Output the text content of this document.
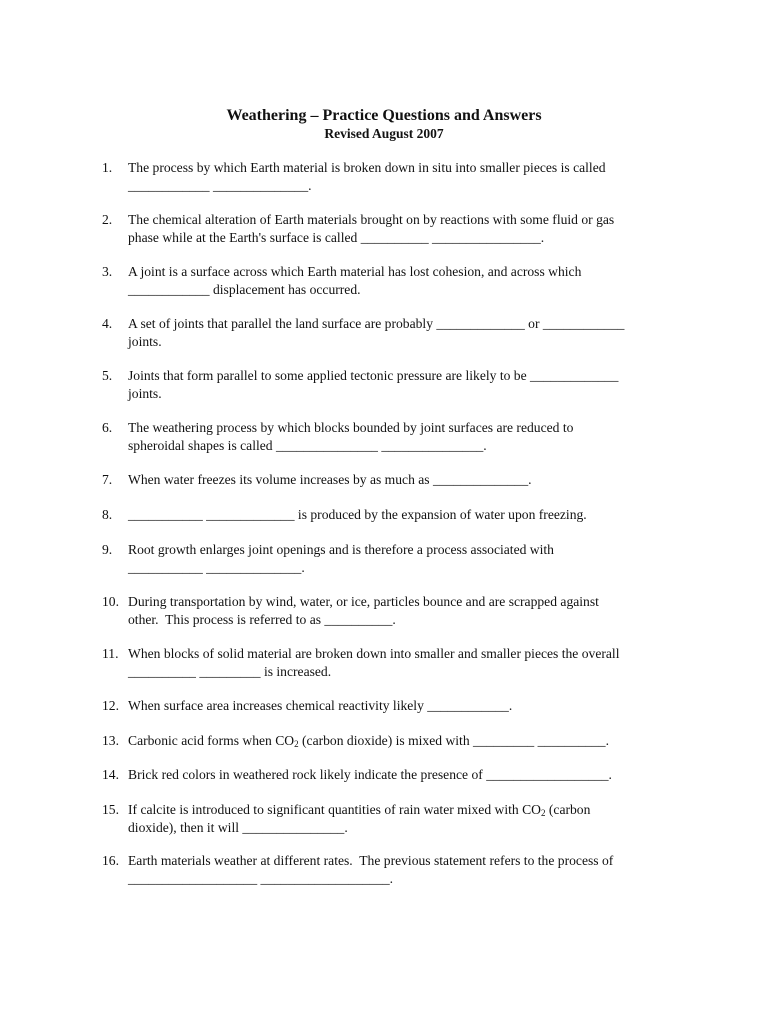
Weathering – Practice Questions and Answers
Revised August 2007
1. The process by which Earth material is broken down in situ into smaller pieces is called
____________ ______________.
2. The chemical alteration of Earth materials brought on by reactions with some fluid or gas
phase while at the Earth's surface is called __________ ________________.
3. A joint is a surface across which Earth material has lost cohesion, and across which
____________ displacement has occurred.
4. A set of joints that parallel the land surface are probably _____________ or ____________
joints.
5. Joints that form parallel to some applied tectonic pressure are likely to be _____________
joints.
6. The weathering process by which blocks bounded by joint surfaces are reduced to
spheroidal shapes is called _______________ _______________.
7. When water freezes its volume increases by as much as ______________.
8. ___________ _____________ is produced by the expansion of water upon freezing.
9. Root growth enlarges joint openings and is therefore a process associated with
___________ ______________.
10. During transportation by wind, water, or ice, particles bounce and are scrapped against
other.  This process is referred to as __________.
11. When blocks of solid material are broken down into smaller and smaller pieces the overall
__________ _________ is increased.
12. When surface area increases chemical reactivity likely ____________.
13. Carbonic acid forms when $CO_2$ (carbon dioxide) is mixed with _________ __________.
14. Brick red colors in weathered rock likely indicate the presence of __________________.
15. If calcite is introduced to significant quantities of rain water mixed with $CO_2$ (carbon
dioxide), then it will _______________.
16. Earth materials weather at different rates.  The previous statement refers to the process of
___________________ ___________________.
